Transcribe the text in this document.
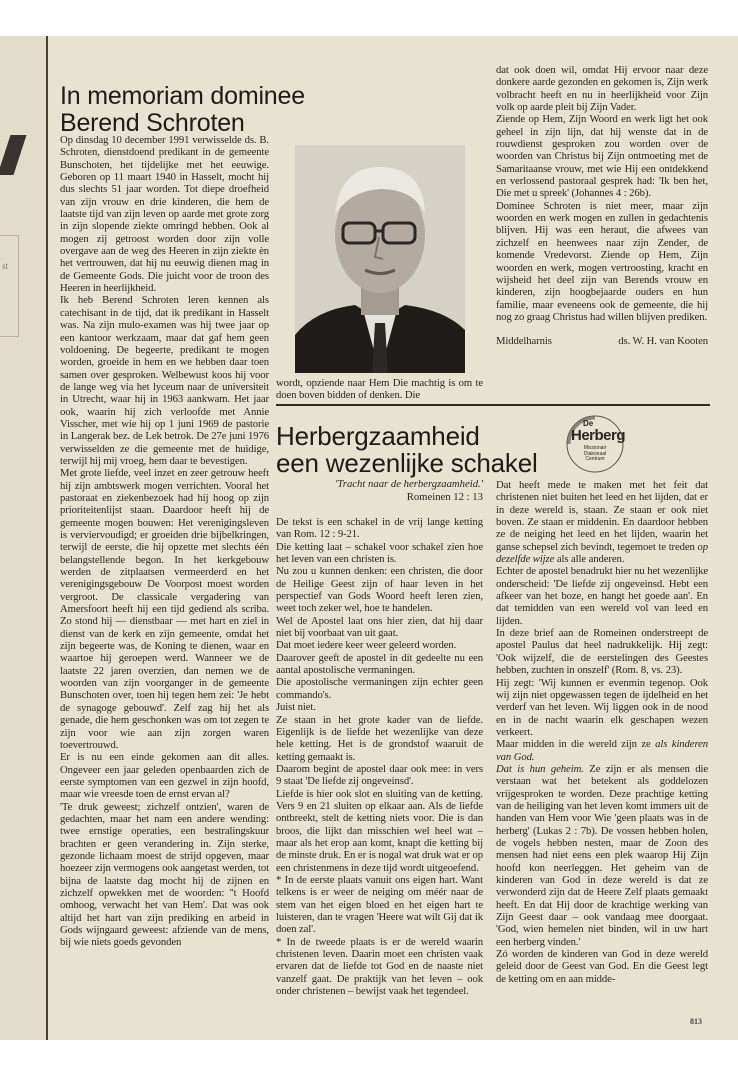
st
In memoriam dominee
Berend Schroten

Op dinsdag 10 december 1991 verwisselde ds. B. Schroten, dienstdoend predikant in de gemeente Bunschoten, het tijdelijke met het eeuwige. Geboren op 11 maart 1940 in Hasselt, mocht hij dus slechts 51 jaar worden. Tot diepe droefheid van zijn vrouw en drie kinderen, die hem de laatste tijd van zijn leven op aarde met grote zorg in zijn slopende ziekte omringd hebben. Ook al mogen zij getroost worden door zijn volle overgave aan de weg des Heeren in zijn ziekte èn het vertrouwen, dat hij nu eeuwig dienen mag in de Gemeente Gods. Die juicht voor de troon des Heeren in heerlijkheid.

Ik heb Berend Schroten leren kennen als catechisant in de tijd, dat ik predikant in Hasselt was. Na zijn mulo-examen was hij twee jaar op een kantoor werkzaam, maar dat gaf hem geen voldoening. De begeerte, predikant te mogen worden, groeide in hem en we hebben daar toen samen over gesproken. Welbewust koos hij voor de lange weg via het lyceum naar de universiteit in Utrecht, waar hij in 1963 aankwam. Het jaar ook, waarin hij zich verloofde met Annie Visscher, met wie hij op 1 juni 1969 de pastorie in Langerak bez. de Lek betrok. De 27e juni 1976 verwisselden ze die gemeente met de huidige, terwijl hij mij vroeg, hem daar te bevestigen.

Met grote liefde, veel inzet en zeer getrouw heeft hij zijn ambtswerk mogen verrichten. Vooral het pastoraat en ziekenbezoek had hij hoog op zijn prioriteitenlijst staan. Daardoor heeft hij de gemeente mogen bouwen: Het verenigingsleven is verviervoudigd; er groeiden drie bijbelkringen, terwijl de eerste, die hij opzette met slechts één belangstellende begon. In het kerkgebouw werden de zitplaatsen vermeerderd en het verenigingsgebouw De Voorpost moest worden vergroot. De classicale vergadering van Amersfoort heeft hij een tijd gediend als scriba. Zo stond hij — dienstbaar — met hart en ziel in dienst van de kerk en zijn gemeente, omdat het zijn begeerte was, de Koning te dienen, waar en waartoe hij geroepen werd. Wanneer we de laatste 22 jaren overzien, dan nemen we de woorden van zijn voorganger in de gemeente Bunschoten over, toen hij tegen hem zei: 'Je hebt de synagoge gebouwd'. Zelf zag hij het als genade, die hem geschonken was om tot zegen te zijn voor wie aan zijn zorgen waren toevertrouwd.

Er is nu een einde gekomen aan dit alles. Ongeveer een jaar geleden openbaarden zich de eerste symptomen van een gezwel in zijn hoofd, maar wie vreesde toen de ernst ervan al?

'Te druk geweest; zichzelf ontzien', waren de gedachten, maar het nam een andere wending: twee ernstige operaties, een bestralingskuur brachten er geen verandering in. Zijn sterke, gezonde lichaam moest de strijd opgeven, maar hoezeer zijn vermogens ook aangetast werden, tot bijna de laatste dag mocht hij de zijnen en zichzelf opwekken met de woorden: ''t Hoofd omhoog, verwacht het van Hem'. Dat was ook altijd het hart van zijn prediking en arbeid in Gods wijngaard geweest: afziende van de mens, bij wie niets goeds gevonden

wordt, opziende naar Hem Die machtig is om te doen boven bidden of denken. Die

dat ook doen wil, omdat Hij ervoor naar deze donkere aarde gezonden en gekomen is, Zijn werk volbracht heeft en nu in heerlijkheid voor Zijn volk op aarde pleit bij Zijn Vader.

Ziende op Hem, Zijn Woord en werk ligt het ook geheel in zijn lijn, dat hij wenste dat in de rouwdienst gesproken zou worden over de woorden van Christus bij Zijn ontmoeting met de Samaritaanse vrouw, met wie Hij een ontdekkend en verlossend pastoraal gesprek had: 'Ik ben het, Die met u spreek' (Johannes 4 : 26b).

Dominee Schroten is niet meer, maar zijn woorden en werk mogen en zullen in gedachtenis blijven. Hij was een heraut, die afwees van zichzelf en heenwees naar zijn Zender, de komende Vredevorst. Ziende op Hem, Zijn woorden en werk, mogen vertroosting, kracht en wijsheid het deel zijn van Berends vrouw en kinderen, zijn hoogbejaarde ouders en hun familie, maar eveneens ook de gemeente, die hij nog zo graag Christus had willen blijven prediken.

Middelharnis	ds. W. H. van Kooten
Herbergzaamheid
een wezenlijke schakel
De
Herberg
Missionair
Diakonaal
Centrum
'Tracht naar de herbergzaamheid.'
Romeinen 12 : 13

De tekst is een schakel in de vrij lange ketting van Rom. 12 : 9-21.

Die ketting laat – schakel voor schakel zien hoe het leven van een christen is.

Nu zou u kunnen denken: een christen, die door de Heilige Geest zijn of haar leven in het perspectief van Gods Woord heeft leren zien, weet toch zeker wel, hoe te handelen.

Wel de Apostel laat ons hier zien, dat hij daar niet bij voorbaat van uit gaat.

Dat moet iedere keer weer geleerd worden.

Daarover geeft de apostel in dit gedeelte nu een aantal apostolische vermaningen.

Die apostolische vermaningen zijn echter geen commando's.

Juist niet.

Ze staan in het grote kader van de liefde. Eigenlijk is de liefde het wezenlijke van deze hele ketting. Het is de grondstof waaruit de ketting gemaakt is.

Daarom begint de apostel daar ook mee: in vers 9 staat 'De liefde zij ongeveinsd'.

Liefde is hier ook slot en sluiting van de ketting. Vers 9 en 21 sluiten op elkaar aan. Als de liefde ontbreekt, stelt de ketting niets voor. Die is dan broos, die lijkt dan misschien wel heel wat – maar als het erop aan komt, knapt die ketting bij de minste druk. En er is nogal wat druk wat er op een christenmens in deze tijd wordt uitgeoefend.

* In de eerste plaats vanuit ons eigen hart. Want telkens is er weer de neiging om méér naar de stem van het eigen bloed en het eigen hart te luisteren, dan te vragen 'Heere wat wilt Gij dat ik doen zal'.

* In de tweede plaats is er de wereld waarin christenen leven. Daarin moet een christen vaak ervaren dat de liefde tot God en de naaste niet vanzelf gaat. De praktijk van het leven – ook onder christenen – bewijst vaak het tegendeel.

Dat heeft mede te maken met het feit dat christenen niet buiten het leed en het lijden, dat er in deze wereld is, staan. Ze staan er ook niet boven. Ze staan er middenin. En daardoor hebben ze de neiging het leed en het lijden, waarin het ganse schepsel zich bevindt, tegemoet te treden op dezelfde wijze als alle anderen.

Echter de apostel benadrukt hier nu het wezenlijke onderscheid: 'De liefde zij ongeveinsd. Hebt een afkeer van het boze, en hangt het goede aan'. En dat temidden van een wereld vol van leed en lijden.

In deze brief aan de Romeinen onderstreept de apostel Paulus dat heel nadrukkelijk. Hij zegt: 'Ook wijzelf, die de eerstelingen des Geestes hebben, zuchten in onszelf' (Rom. 8, vs. 23).

Hij zegt: 'Wij kunnen er evenmin tegenop. Ook wij zijn niet opgewassen tegen de ijdelheid en het verderf van het leven. Wij liggen ook in de nood en in de nacht waarin elk geschapen wezen verkeert.

Maar midden in die wereld zijn ze als kinderen van God.

Dat is hun geheim. Ze zijn er als mensen die verstaan wat het betekent als goddelozen vrijgesproken te worden. Deze prachtige ketting van de heiliging van het leven komt immers uit de handen van Hem voor Wie 'geen plaats was in de herberg' (Lukas 2 : 7b). De vossen hebben holen, de vogels hebben nesten, maar de Zoon des mensen had niet eens een plek waarop Hij Zijn hoofd kon neerleggen. Het geheim van de kinderen van God in deze wereld is dat ze verwonderd zijn dat de Heere Zelf plaats gemaakt heeft. En dat Hij door de krachtige werking van Zijn Geest daar – ook vandaag mee doorgaat. 'God, wien hemelen niet binden, wil in uw hart een herberg vinden.'

Zó worden de kinderen van God in deze wereld geleid door de Geest van God. En die Geest legt de ketting om en aan midde-

813
